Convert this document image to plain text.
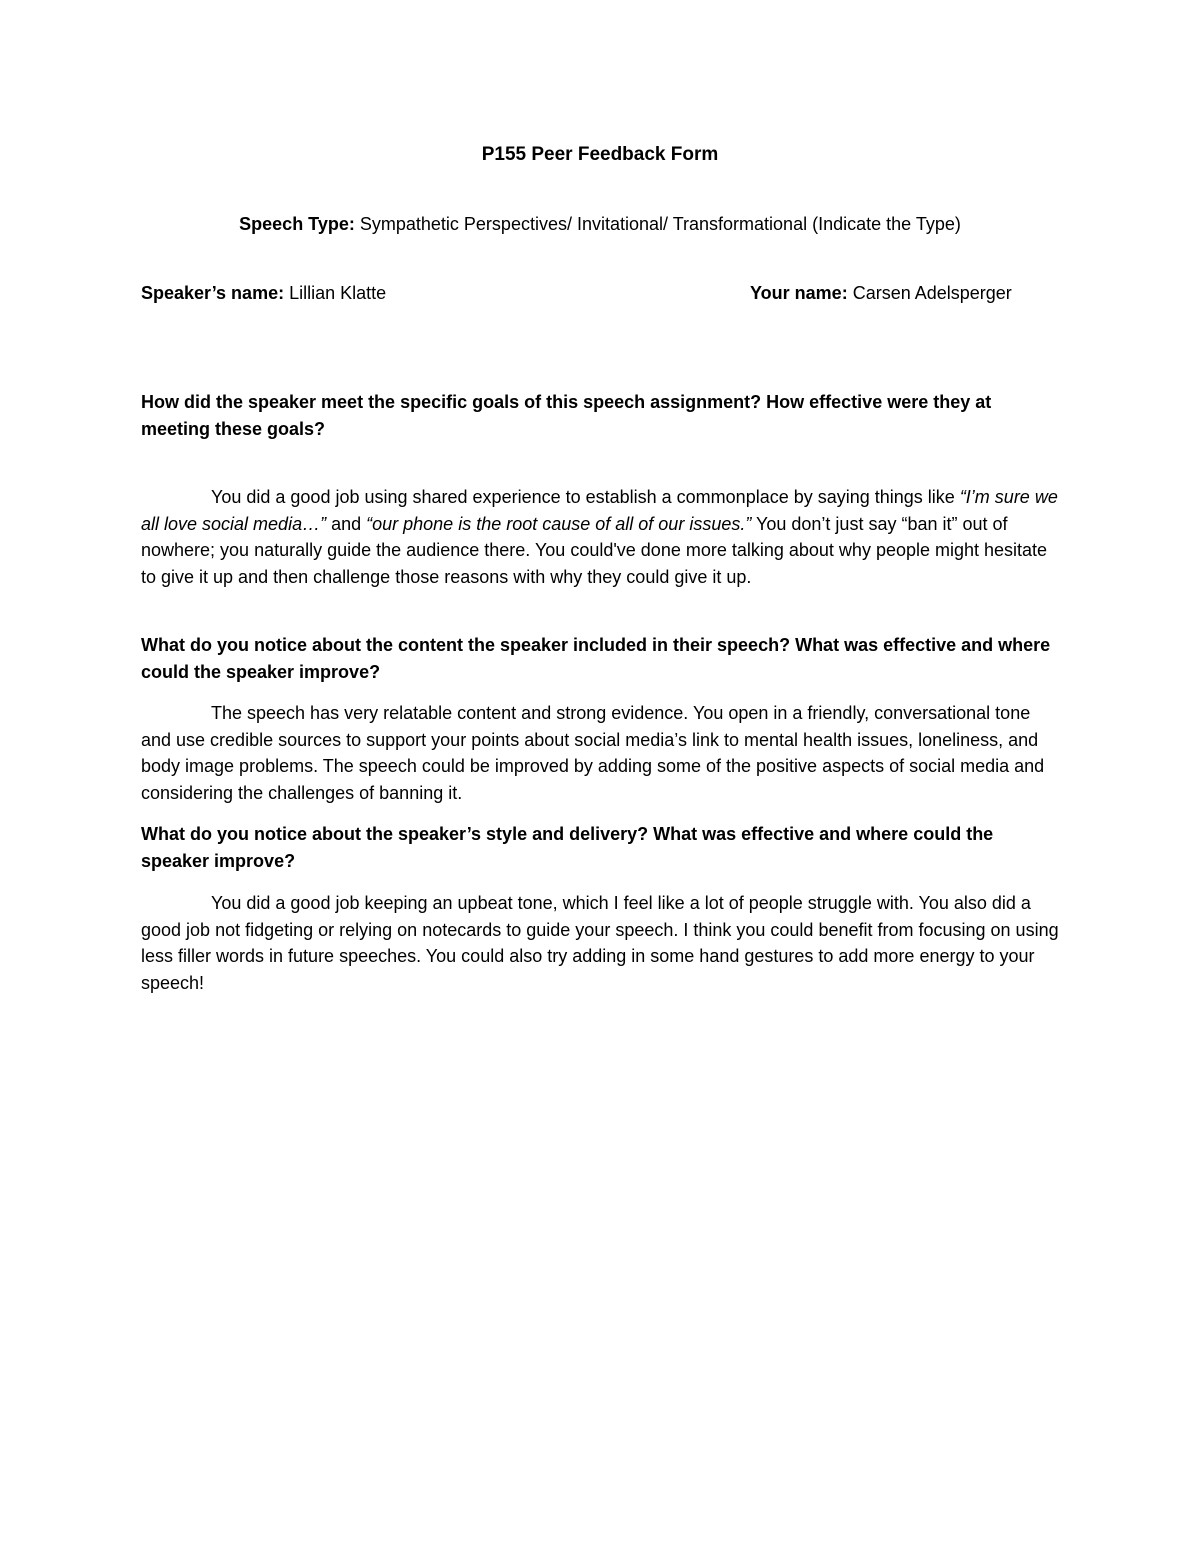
P155 Peer Feedback Form
Speech Type: Sympathetic Perspectives/ Invitational/ Transformational (Indicate the Type)
Speaker’s name: Lillian Klatte	Your name: Carsen Adelsperger
How did the speaker meet the specific goals of this speech assignment? How effective were they at meeting these goals?
You did a good job using shared experience to establish a commonplace by saying things like “I’m sure we all love social media…” and “our phone is the root cause of all of our issues.” You don’t just say “ban it” out of nowhere; you naturally guide the audience there. You could've done more talking about why people might hesitate to give it up and then challenge those reasons with why they could give it up.
What do you notice about the content the speaker included in their speech? What was effective and where could the speaker improve?
The speech has very relatable content and strong evidence. You open in a friendly, conversational tone and use credible sources to support your points about social media’s link to mental health issues, loneliness, and body image problems. The speech could be improved by adding some of the positive aspects of social media and considering the challenges of banning it.
What do you notice about the speaker’s style and delivery? What was effective and where could the speaker improve?
You did a good job keeping an upbeat tone, which I feel like a lot of people struggle with. You also did a good job not fidgeting or relying on notecards to guide your speech. I think you could benefit from focusing on using less filler words in future speeches. You could also try adding in some hand gestures to add more energy to your speech!
